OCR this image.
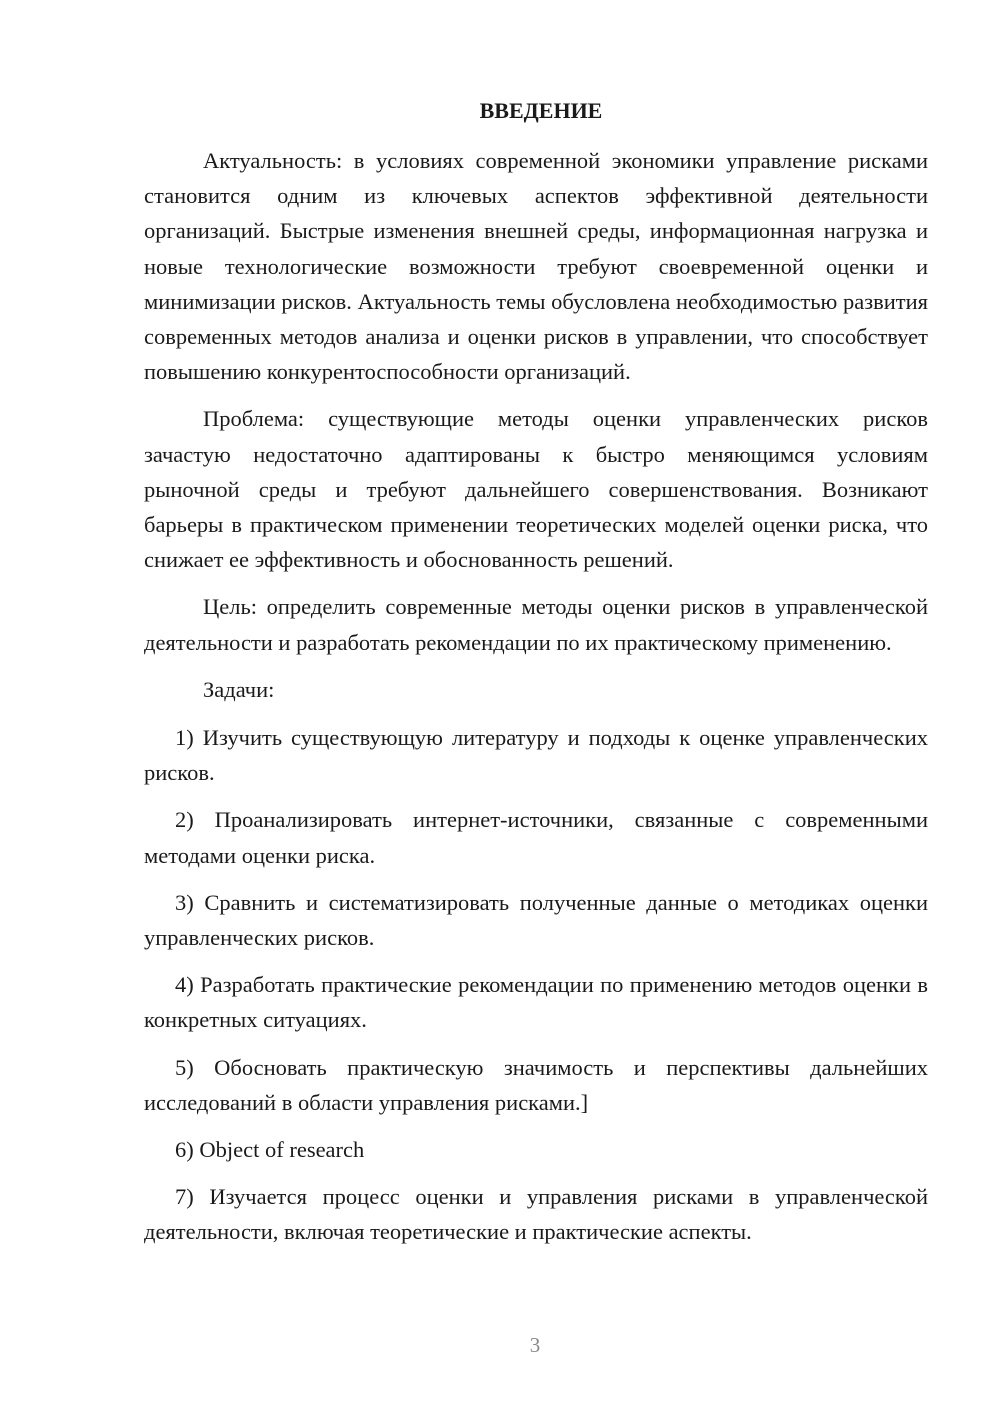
ВВЕДЕНИЕ

Актуальность: в условиях современной экономики управление рисками становится одним из ключевых аспектов эффективной деятельности организаций. Быстрые изменения внешней среды, информационная нагрузка и новые технологические возможности требуют своевременной оценки и минимизации рисков. Актуальность темы обусловлена необходимостью развития современных методов анализа и оценки рисков в управлении, что способствует повышению конкурентоспособности организаций.

Проблема: существующие методы оценки управленческих рисков зачастую недостаточно адаптированы к быстро меняющимся условиям рыночной среды и требуют дальнейшего совершенствования. Возникают барьеры в практическом применении теоретических моделей оценки риска, что снижает ее эффективность и обоснованность решений.

Цель: определить современные методы оценки рисков в управленческой деятельности и разработать рекомендации по их практическому применению.

Задачи:

1) Изучить существующую литературу и подходы к оценке управленческих рисков.

2) Проанализировать интернет-источники, связанные с современными методами оценки риска.

3) Сравнить и систематизировать полученные данные о методиках оценки управленческих рисков.

4) Разработать практические рекомендации по применению методов оценки в конкретных ситуациях.

5) Обосновать практическую значимость и перспективы дальнейших исследований в области управления рисками.]

6) Object of research

7) Изучается процесс оценки и управления рисками в управленческой деятельности, включая теоретические и практические аспекты.

3
